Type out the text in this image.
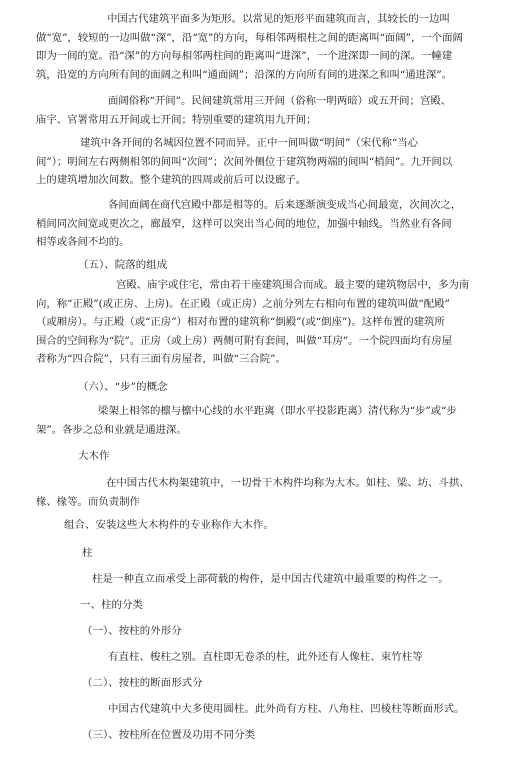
中国古代建筑平面多为矩形。以常见的矩形平面建筑而言，其较长的一边叫
做“宽”，较短的一边叫做“深”，沿“宽”的方向，每相邻两根柱之间的距离叫“面阔”，一个面阔
即为一间的宽。沿“深”的方向每相邻两柱间的距离叫“进深”，一个进深即一间的深。一幢建
筑，沿宽的方向所有间的面阔之和叫“通面阔”；沿深的方向所有间的进深之和叫“通进深”。
面阔俗称“开间”。民间建筑常用三开间（俗称一明两暗）或五开间；宫殿、
庙宇、官署常用五开间或七开间；特别重要的建筑用九开间；
建筑中各开间的名城因位置不同而异。正中一间叫做“明间”（宋代称“当心
间”）；明间左右两侧相邻的间叫“次间”；次间外侧位于建筑物两端的间叫“梢间”。九开间以
上的建筑增加次间数。整个建筑的四周或前后可以设廊子。
各间面阔在商代宫殿中都是相等的。后来逐渐演变成当心间最宽，次间次之，
梢间同次间宽或更次之，廊最窄，这样可以突出当心间的地位，加强中轴线。当然业有各间
相等或各间不均的。
（五）、院落的组成
宫殿、庙宇或住宅，常由若干座建筑围合而成。最主要的建筑物居中，多为南
向，称“正殿”(或正房、上房)。在正殿（或正房）之前分列左右相向布置的建筑叫做“配殿”
（或厢房）。与正殿（或“正房”）相对布置的建筑称“倒殿”(或“倒座”)。这样布置的建筑所
围合的空间称为“院”。正房（或上房）两侧可附有套间，叫做“耳房”。一个院四面均有房屋
者称为“四合院”，只有三面有房屋者，叫做“三合院”。
（六）、“步”的概念
梁架上相邻的檩与檩中心线的水平距离（即水平投影距离）清代称为“步”或“步
架”。各步之总和业就是通进深。
大木作
在中国古代木构架建筑中，一切骨干木构件均称为大木。如柱、梁、坊、斗拱、
椽、椽等。而负责制作
组合、安装这些大木构件的专业称作大木作。
柱
柱是一种直立而承受上部荷载的构件，是中国古代建筑中最重要的构件之一。
一、柱的分类
（一）、按柱的外形分
有直柱、梭柱之别。直柱即无卷杀的柱，此外还有人像柱、束竹柱等
（二）、按柱的断面形式分
中国古代建筑中大多使用圆柱。此外尚有方柱、八角柱、凹棱柱等断面形式。
（三）、按柱所在位置及功用不同分类
